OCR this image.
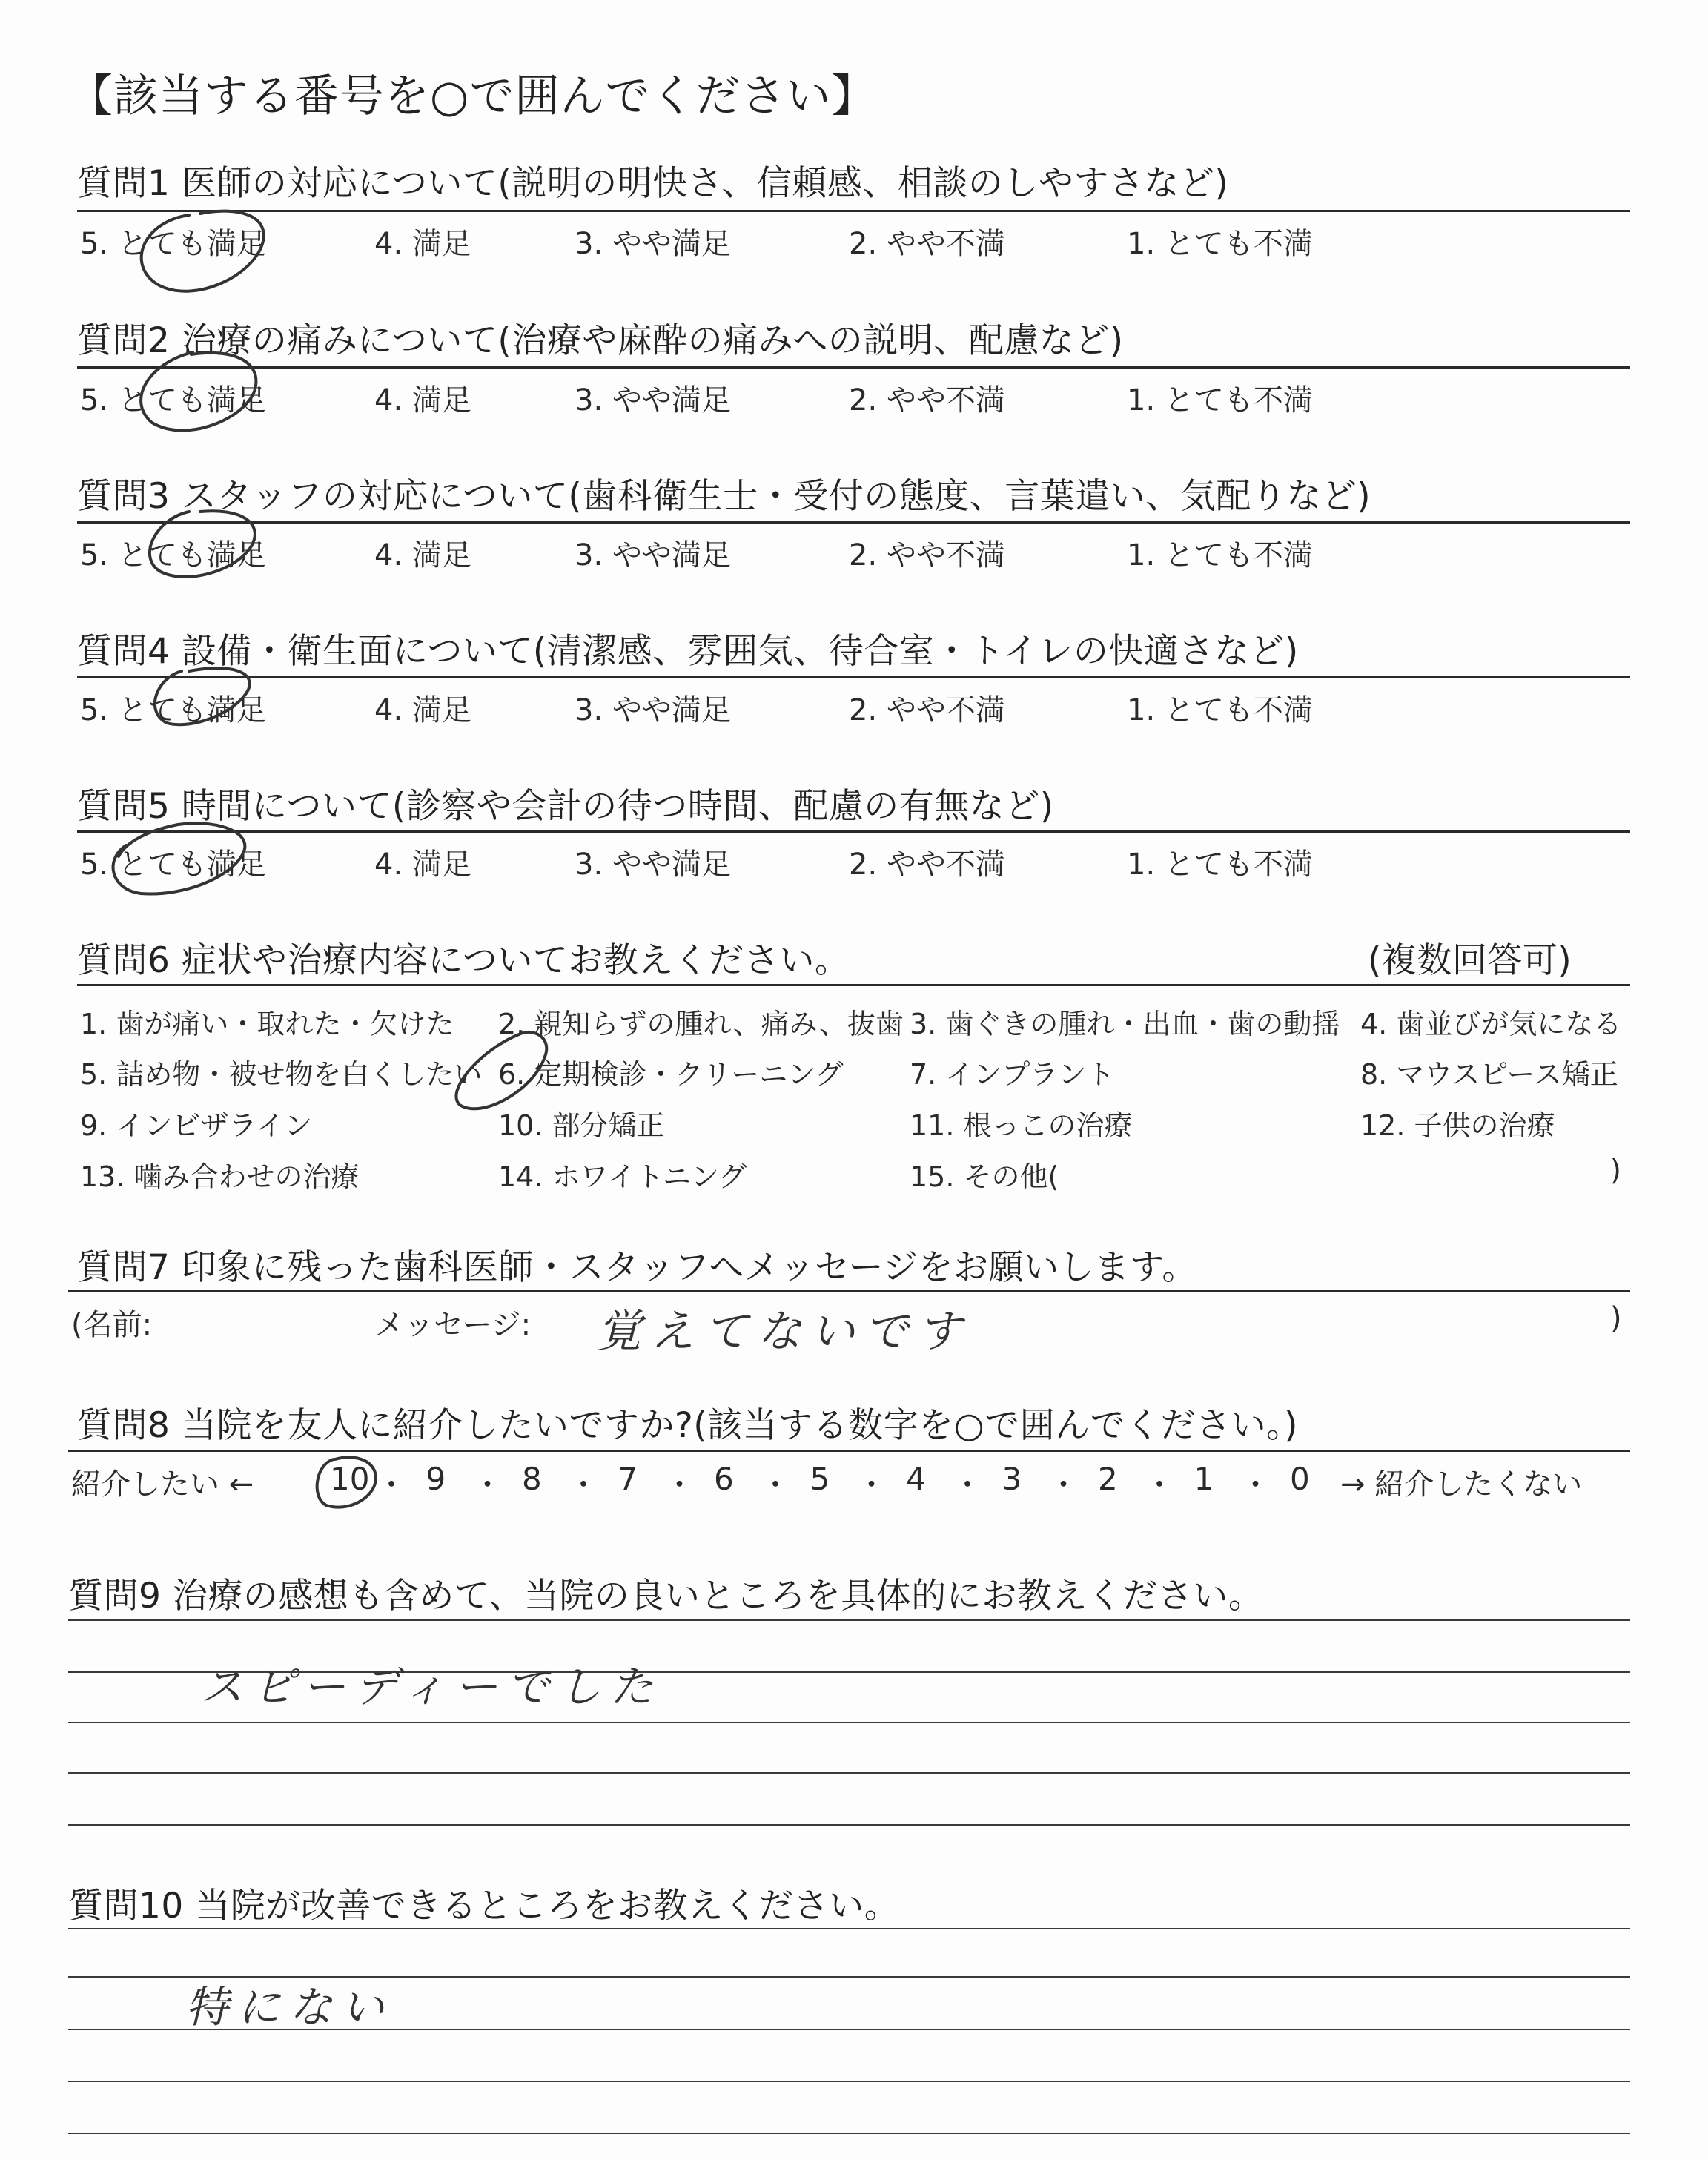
【該当する番号を○で囲んでください】
質問1 医師の対応について(説明の明快さ、信頼感、相談のしやすさなど)
5. とても満足	4. 満足	3. やや満足	2. やや不満	1. とても不満
質問2 治療の痛みについて(治療や麻酔の痛みへの説明、配慮など)
5. とても満足	4. 満足	3. やや満足	2. やや不満	1. とても不満
質問3 スタッフの対応について(歯科衛生士・受付の態度、言葉遣い、気配りなど)
5. とても満足	4. 満足	3. やや満足	2. やや不満	1. とても不満
質問4 設備・衛生面について(清潔感、雰囲気、待合室・トイレの快適さなど)
5. とても満足	4. 満足	3. やや満足	2. やや不満	1. とても不満
質問5 時間について(診察や会計の待つ時間、配慮の有無など)
5. とても満足	4. 満足	3. やや満足	2. やや不満	1. とても不満
質問6 症状や治療内容についてお教えください。	(複数回答可)
1. 歯が痛い・取れた・欠けた 2. 親知らずの腫れ、痛み、抜歯 3. 歯ぐきの腫れ・出血・歯の動揺 4. 歯並びが気になる
5. 詰め物・被せ物を白くしたい 6. 定期検診・クリーニング 7. インプラント	8. マウスピース矯正
9. インビザライン	10. 部分矯正	11. 根っこの治療	12. 子供の治療
13. 噛み合わせの治療	14. ホワイトニング	15. その他(	)
質問7 印象に残った歯科医師・スタッフへメッセージをお願いします。
(名前:	メッセージ: 覚えてないです	)
質問8 当院を友人に紹介したいですか?(該当する数字を○で囲んでください。)
紹介したい ← 10 ・ 9 ・ 8 ・ 7 ・ 6 ・ 5 ・ 4 ・ 3 ・ 2 ・ 1 ・ 0 → 紹介したくない
質問9 治療の感想も含めて、当院の良いところを具体的にお教えください。
スピーディーでした
質問10 当院が改善できるところをお教えください。
特にない
